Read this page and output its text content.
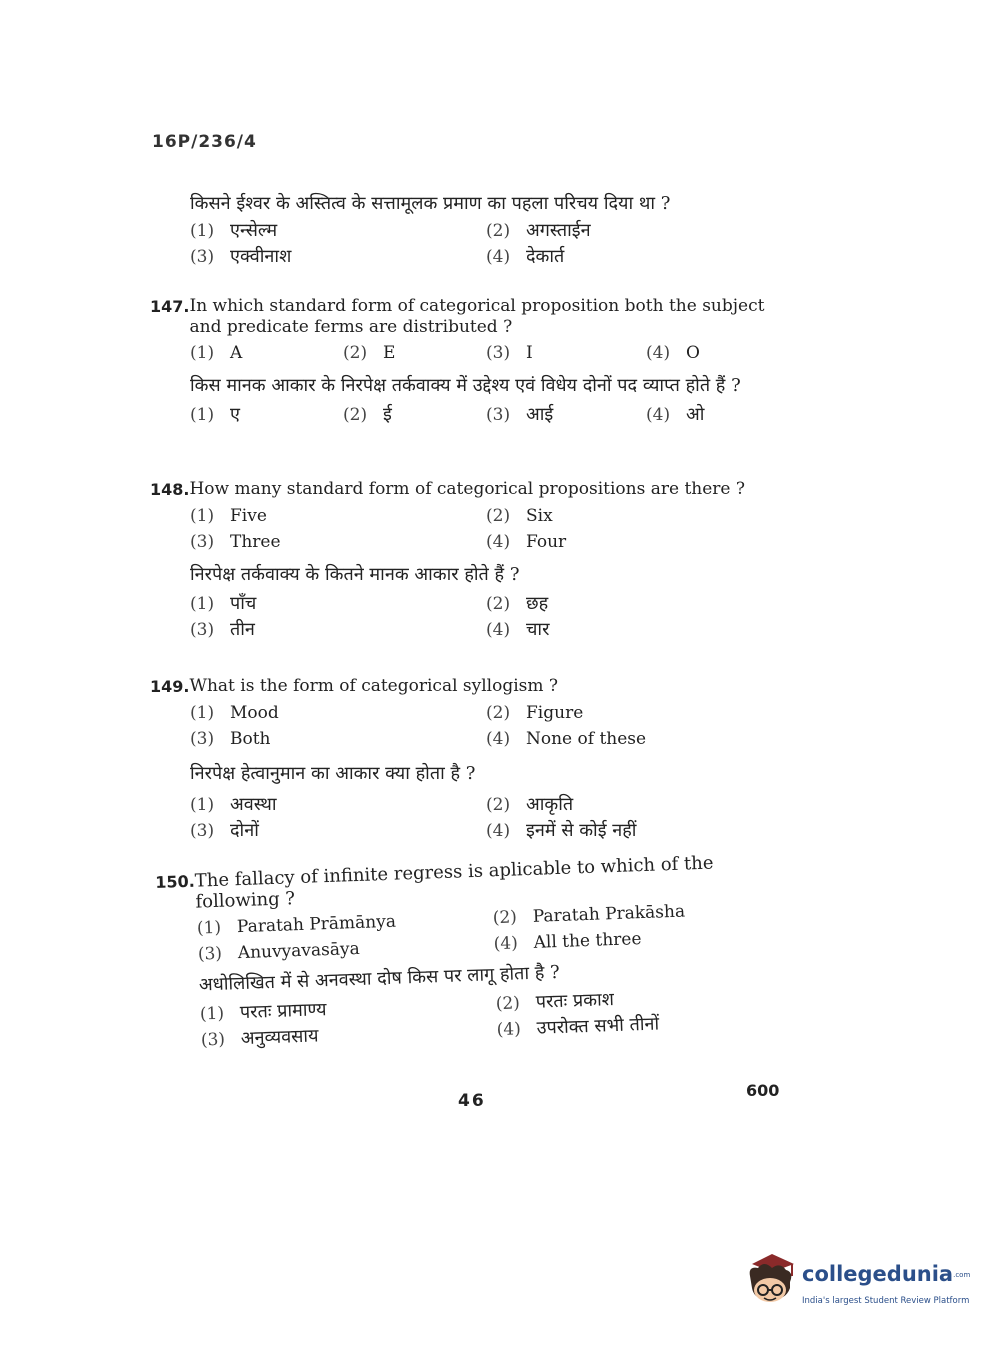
16P/236/4

किसने ईश्वर के अस्तित्व के सत्तामूलक प्रमाण का पहला परिचय दिया था ?

(1) एन्सेल्म	(2) अगस्ताईन
(3) एक्वीनाश	(4) देकार्त

147. In which standard form of categorical proposition both the subject and predicate ferms are distributed ?

(1) A	(2) E	(3) I	(4) O

किस मानक आकार के निरपेक्ष तर्कवाक्य में उद्देश्य एवं विधेय दोनों पद व्याप्त होते हैं ?

(1) ए	(2) ई	(3) आई	(4) ओ

148. How many standard form of categorical propositions are there ?

(1) Five	(2) Six
(3) Three	(4) Four

निरपेक्ष तर्कवाक्य के कितने मानक आकार होते हैं ?

(1) पाँच	(2) छह
(3) तीन	(4) चार

149. What is the form of categorical syllogism ?

(1) Mood	(2) Figure
(3) Both	(4) None of these

निरपेक्ष हेत्वानुमान का आकार क्या होता है ?

(1) अवस्था	(2) आकृति
(3) दोनों	(4) इनमें से कोई नहीं

150. The fallacy of infinite regress is aplicable to which of the following ?

(1) Paratah Prāmānya	(2) Paratah Prakāsha
(3) Anuvyavasāya	(4) All the three

अधोलिखित में से अनवस्था दोष किस पर लागू होता है ?

(1) परतः प्रामाण्य	(2) परतः प्रकाश
(3) अनुव्यवसाय	(4) उपरोक्त सभी तीनों
46
600
collegedunia.com
India's largest Student Review Platform
